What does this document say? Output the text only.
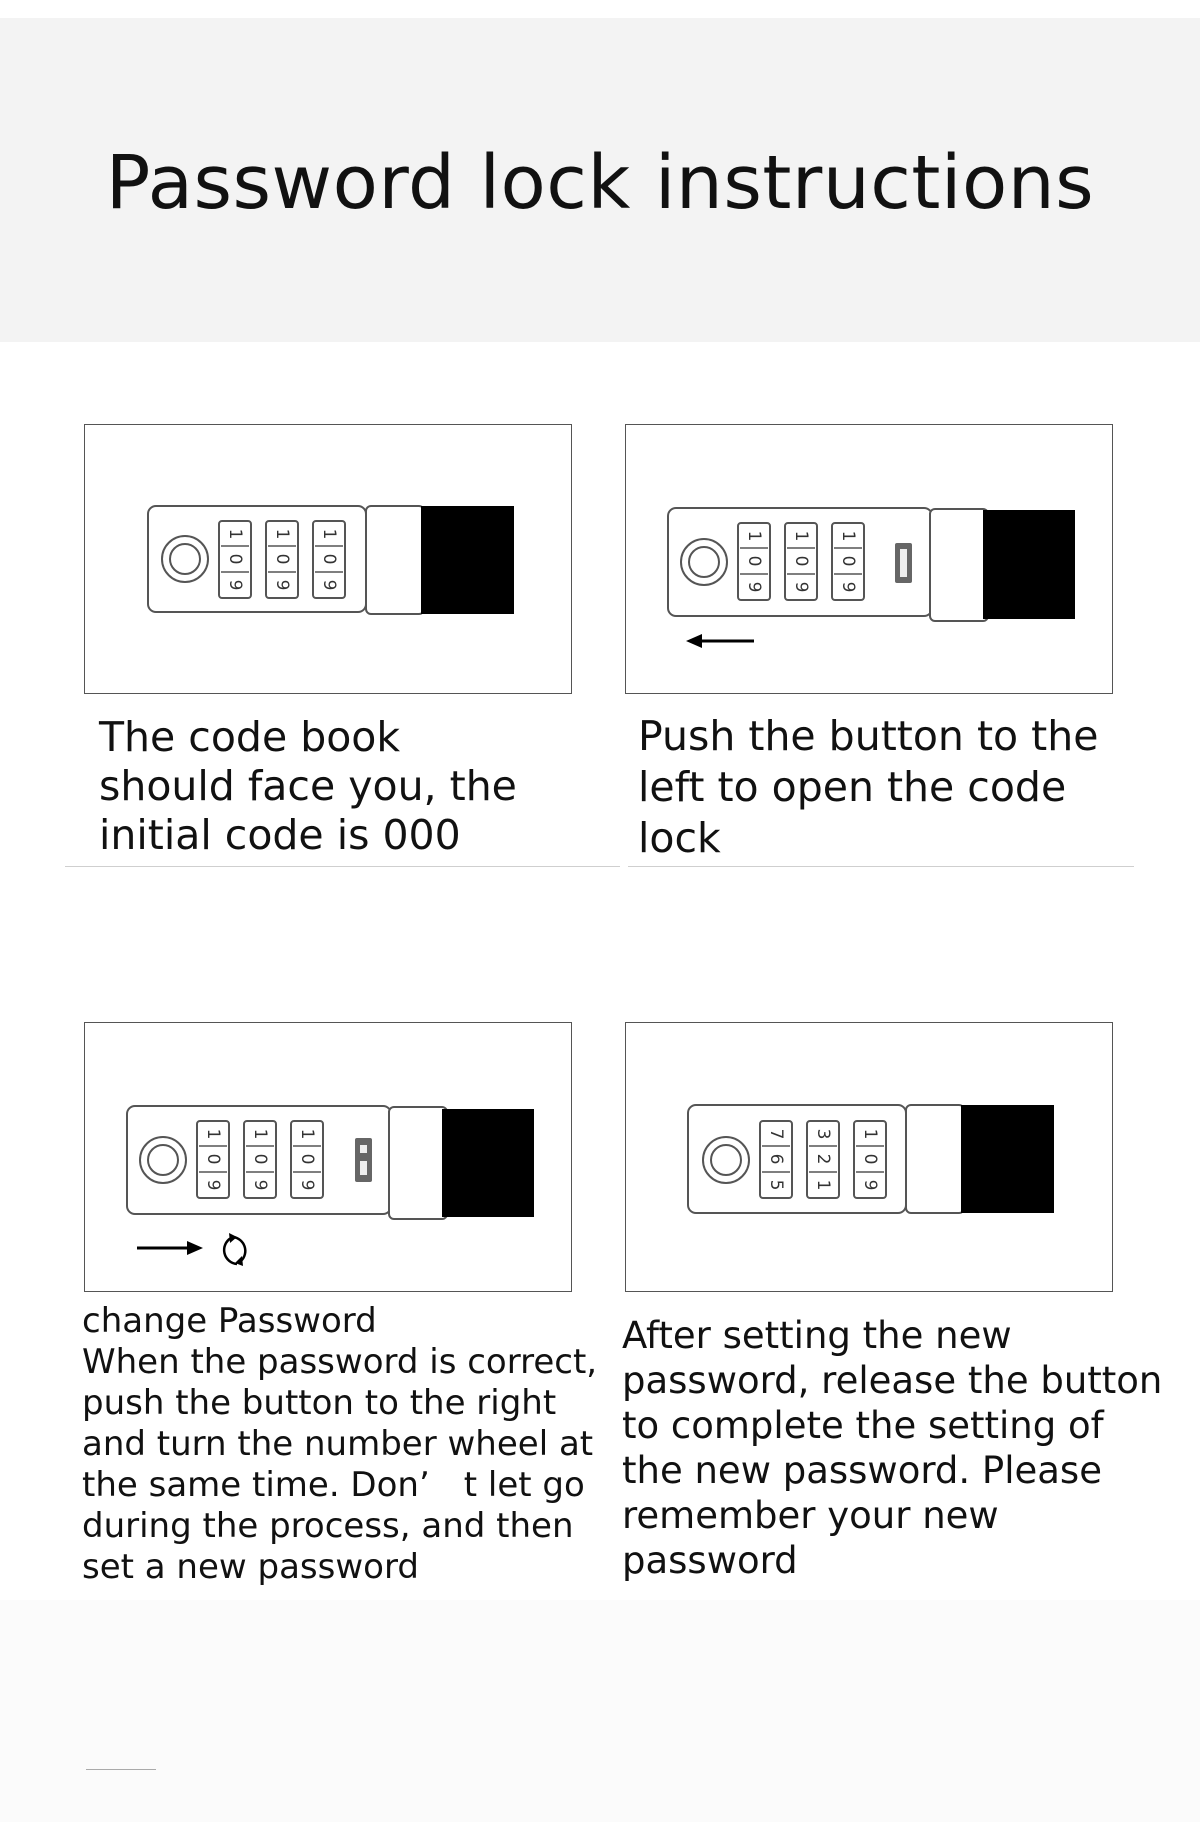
Password lock instructions
1
0
9
1
0
9
1
0
9
1
0
9
1
0
9
1
0
9
1
0
9
1
0
9
1
0
9	5
6
7
1
2
3 1
0
9

The code book
should face you, the
initial code is 000

Push the button to the
left to open the code
lock

change Password
When the password is correct,
push the button to the right
and turn the number wheel at
the same time. Don’ t let go
during the process, and then
set a new password

After setting the new
password, release the button
to complete the setting of
the new password. Please
remember your new
password
